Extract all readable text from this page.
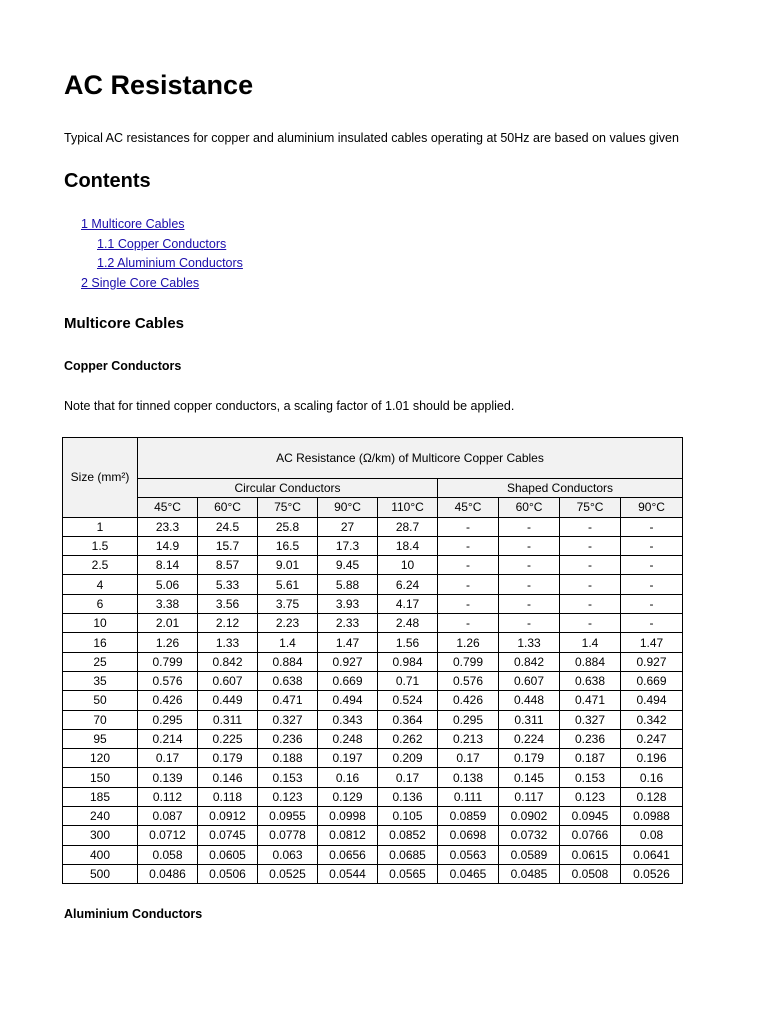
AC Resistance

Typical AC resistances for copper and aluminium insulated cables operating at 50Hz are based on values given

Contents
1 Multicore Cables
1.1 Copper Conductors
1.2 Aluminium Conductors
2 Single Core Cables
Multicore Cables
Copper Conductors

Note that for tinned copper conductors, a scaling factor of 1.01 should be applied.

Size (mm²)	AC Resistance (Ω/km) of Multicore Copper Cables								
	Circular Conductors					Shaped Conductors			
	45°C	60°C	75°C	90°C	110°C	45°C	60°C	75°C	90°C
1	23.3	24.5	25.8	27	28.7	-	-	-	-
1.5	14.9	15.7	16.5	17.3	18.4	-	-	-	-
2.5	8.14	8.57	9.01	9.45	10	-	-	-	-
4	5.06	5.33	5.61	5.88	6.24	-	-	-	-
6	3.38	3.56	3.75	3.93	4.17	-	-	-	-
10	2.01	2.12	2.23	2.33	2.48	-	-	-	-
16	1.26	1.33	1.4	1.47	1.56	1.26	1.33	1.4	1.47
25	0.799	0.842	0.884	0.927	0.984	0.799	0.842	0.884	0.927
35	0.576	0.607	0.638	0.669	0.71	0.576	0.607	0.638	0.669
50	0.426	0.449	0.471	0.494	0.524	0.426	0.448	0.471	0.494
70	0.295	0.311	0.327	0.343	0.364	0.295	0.311	0.327	0.342
95	0.214	0.225	0.236	0.248	0.262	0.213	0.224	0.236	0.247
120	0.17	0.179	0.188	0.197	0.209	0.17	0.179	0.187	0.196
150	0.139	0.146	0.153	0.16	0.17	0.138	0.145	0.153	0.16
185	0.112	0.118	0.123	0.129	0.136	0.111	0.117	0.123	0.128
240	0.087	0.0912	0.0955	0.0998	0.105	0.0859	0.0902	0.0945	0.0988
300	0.0712	0.0745	0.0778	0.0812	0.0852	0.0698	0.0732	0.0766	0.08
400	0.058	0.0605	0.063	0.0656	0.0685	0.0563	0.0589	0.0615	0.0641
500	0.0486	0.0506	0.0525	0.0544	0.0565	0.0465	0.0485	0.0508	0.0526
Aluminium Conductors
